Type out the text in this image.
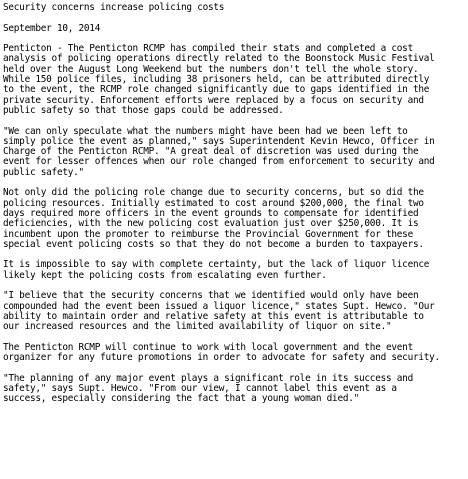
Security concerns increase policing costs
September 10, 2014
Penticton - The Penticton RCMP has compiled their stats and completed a cost
analysis of policing operations directly related to the Boonstock Music Festival
held over the August Long Weekend but the numbers don't tell the whole story.
While 150 police files, including 38 prisoners held, can be attributed directly
to the event, the RCMP role changed significantly due to gaps identified in the
private security. Enforcement efforts were replaced by a focus on security and
public safety so that those gaps could be addressed.
"We can only speculate what the numbers might have been had we been left to
simply police the event as planned," says Superintendent Kevin Hewco, Officer in
Charge of the Penticton RCMP. "A great deal of discretion was used during the
event for lesser offences when our role changed from enforcement to security and
public safety."
Not only did the policing role change due to security concerns, but so did the
policing resources. Initially estimated to cost around $200,000, the final two
days required more officers in the event grounds to compensate for identified
deficiencies, with the new policing cost evaluation just over $250,000. It is
incumbent upon the promoter to reimburse the Provincial Government for these
special event policing costs so that they do not become a burden to taxpayers.
It is impossible to say with complete certainty, but the lack of liquor licence
likely kept the policing costs from escalating even further.
"I believe that the security concerns that we identified would only have been
compounded had the event been issued a liquor licence," states Supt. Hewco. "Our
ability to maintain order and relative safety at this event is attributable to
our increased resources and the limited availability of liquor on site."
The Penticton RCMP will continue to work with local government and the event
organizer for any future promotions in order to advocate for safety and security.
"The planning of any major event plays a significant role in its success and
safety," says Supt. Hewco. "From our view, I cannot label this event as a
success, especially considering the fact that a young woman died."
